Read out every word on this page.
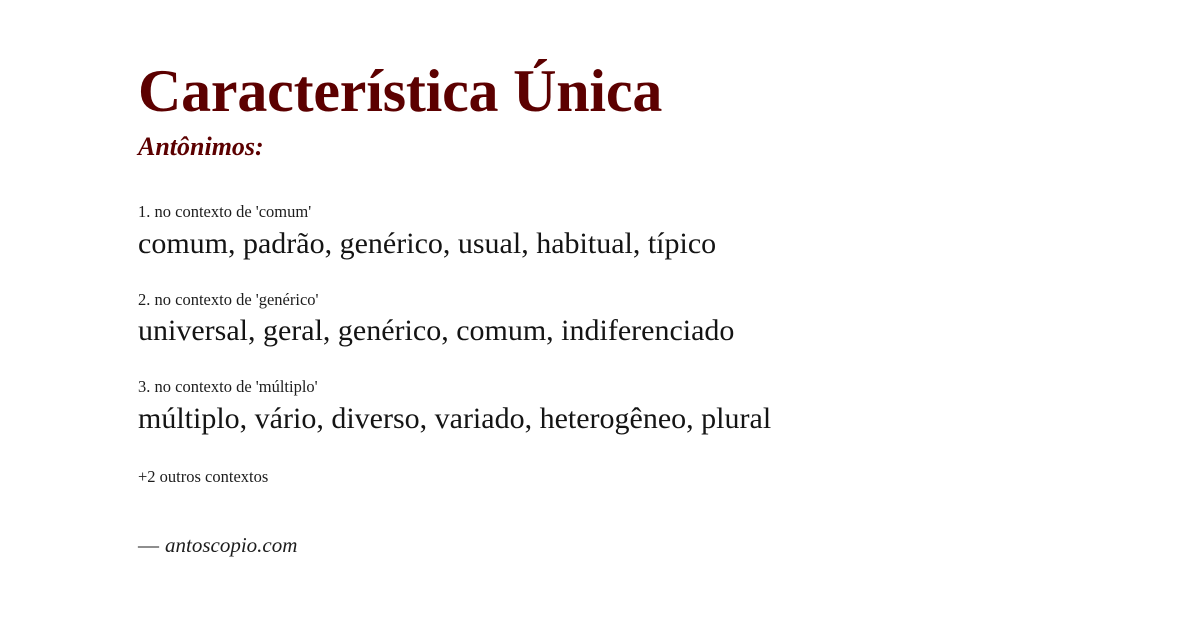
Característica Única
Antônimos:

1. no contexto de 'comum'

comum, padrão, genérico, usual, habitual, típico

2. no contexto de 'genérico'

universal, geral, genérico, comum, indiferenciado

3. no contexto de 'múltiplo'

múltiplo, vário, diverso, variado, heterogêneo, plural

+2 outros contextos

— antoscopio.com
